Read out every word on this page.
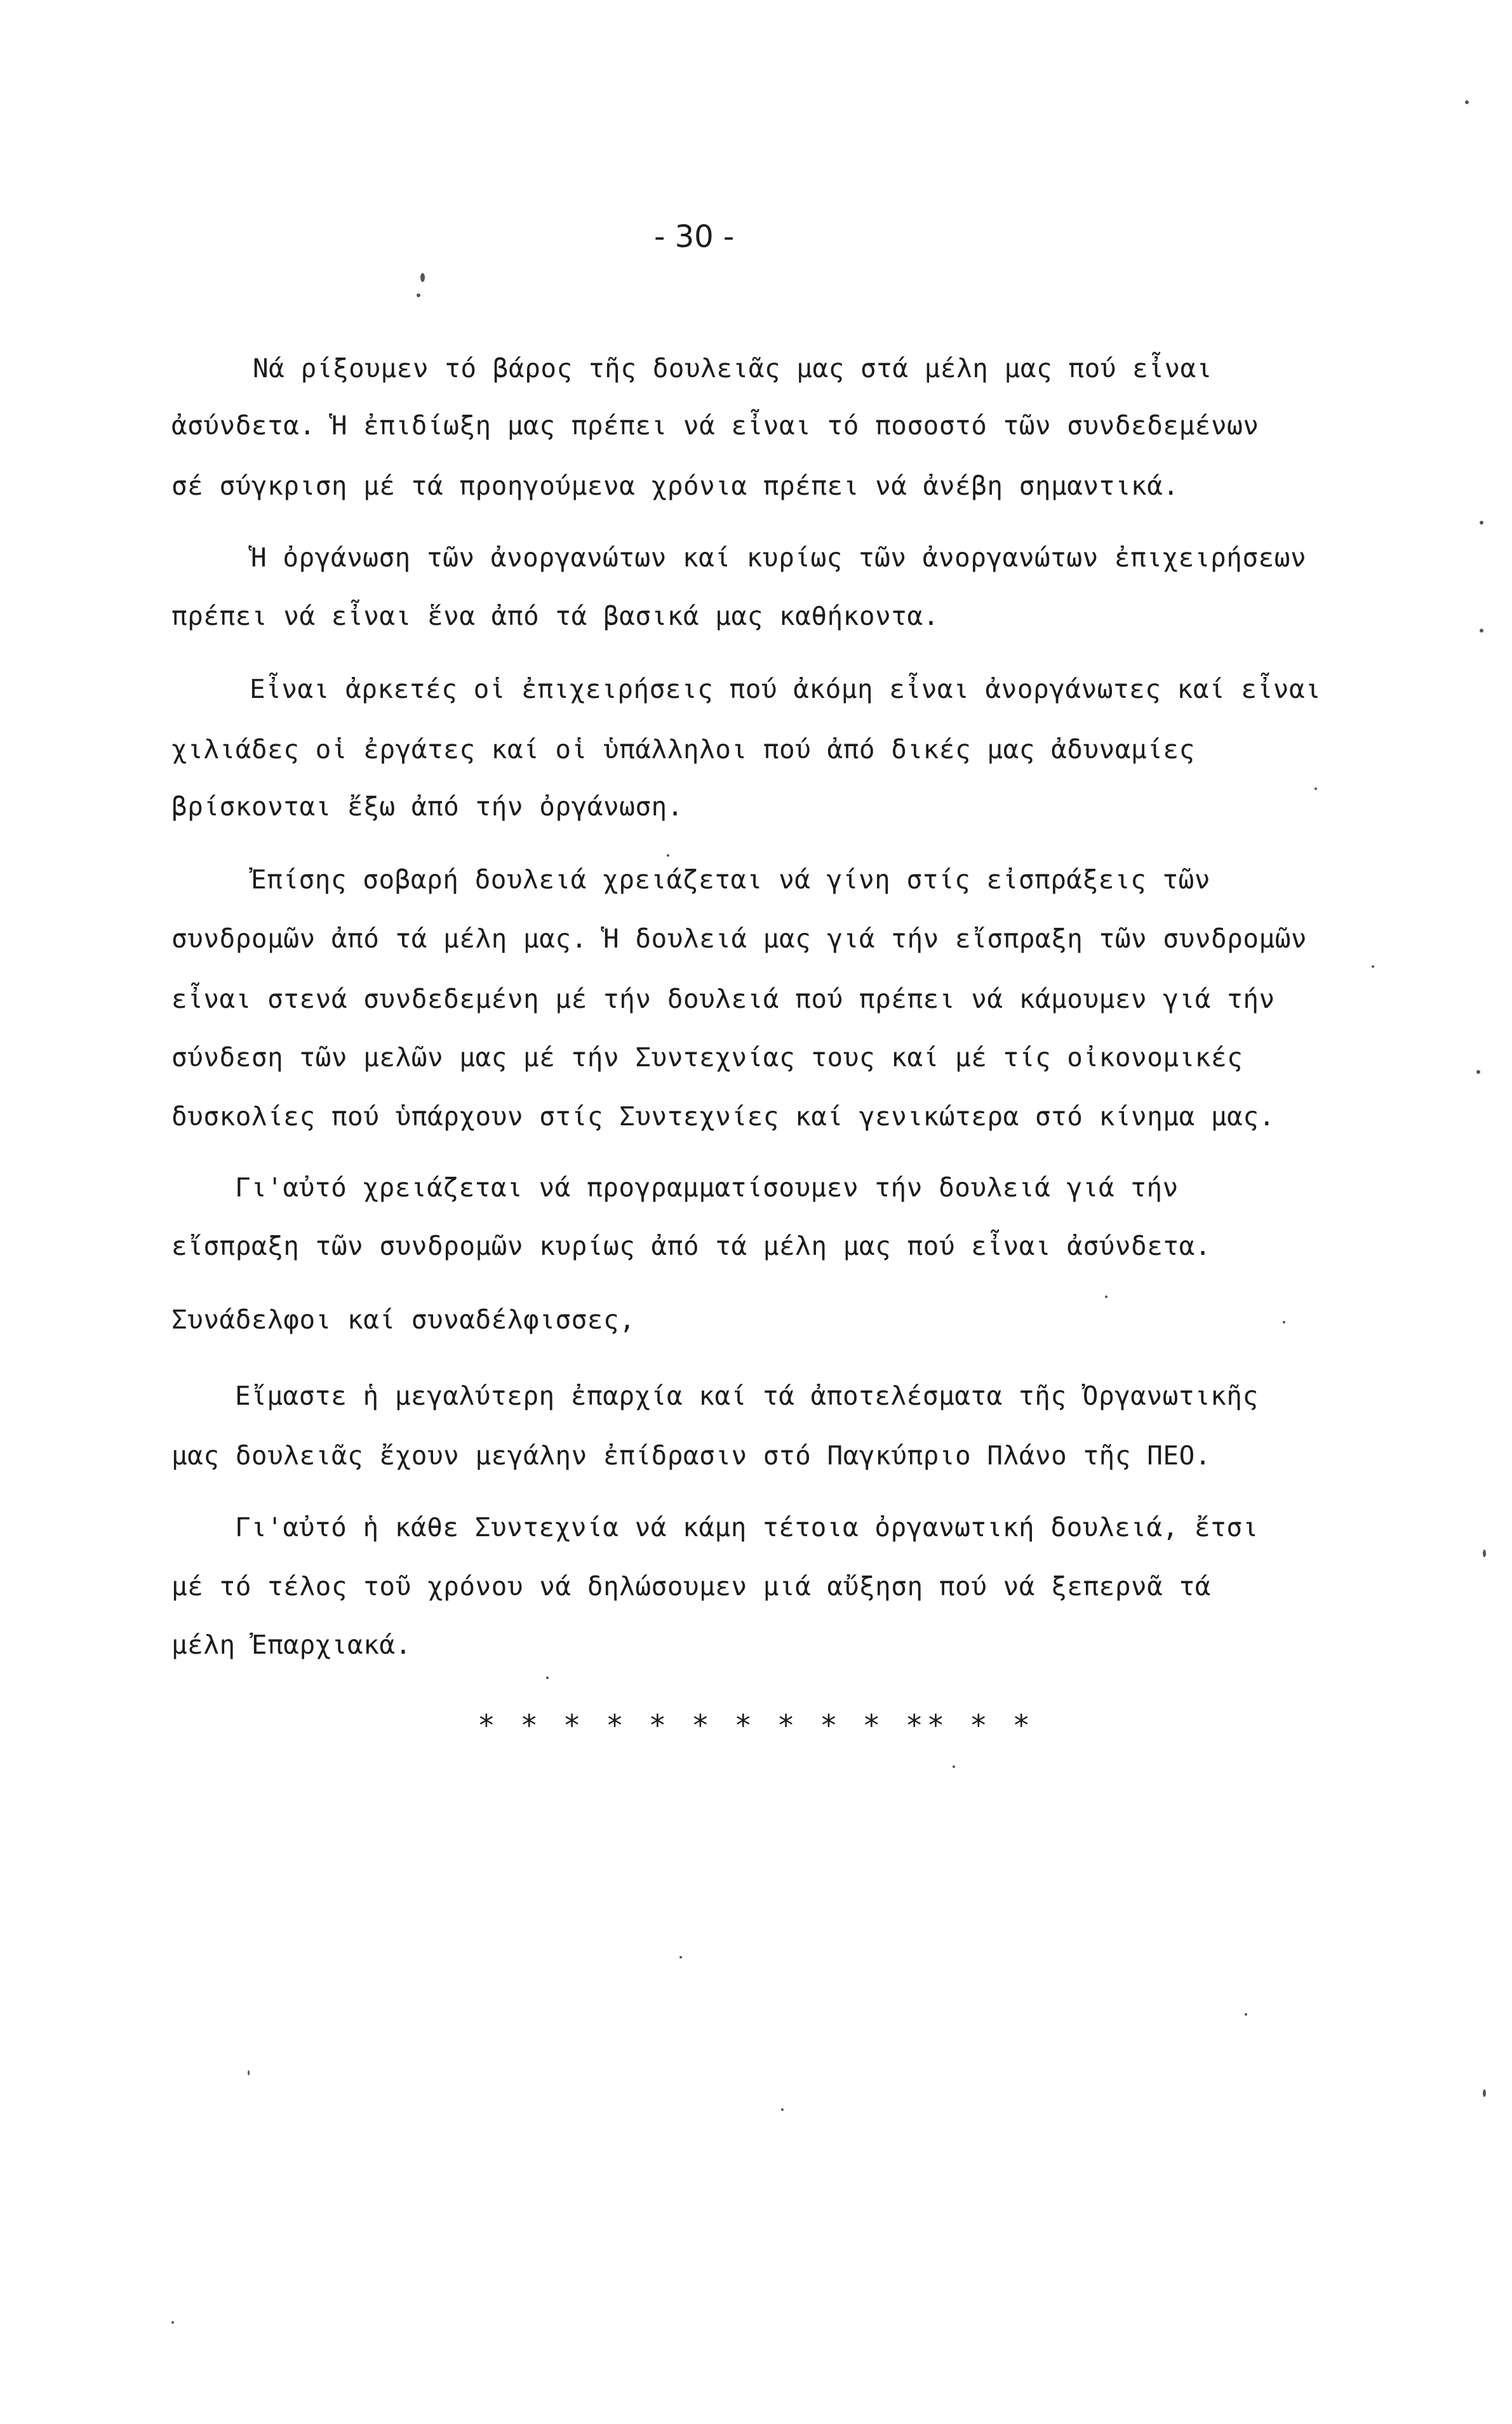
- 30 -
Νά ρίξουμεν τό βάρος τῆς δουλειᾶς μας στά μέλη μας πού εἶναι
ἀσύνδετα. Ἡ ἐπιδίωξη μας πρέπει νά εἶναι τό ποσοστό τῶν συνδεδεμένων
σέ σύγκριση μέ τά προηγούμενα χρόνια πρέπει νά ἀνέβη σημαντικά.
Ἡ ὀργάνωση τῶν ἀνοργανώτων καί κυρίως τῶν ἀνοργανώτων ἐπιχειρήσεων
πρέπει νά εἶναι ἕνα ἀπό τά βασικά μας καθήκοντα.
Εἶναι ἀρκετές οἱ ἐπιχειρήσεις πού ἀκόμη εἶναι ἀνοργάνωτες καί εἶναι
χιλιάδες οἱ ἐργάτες καί οἱ ὑπάλληλοι πού ἀπό δικές μας ἀδυναμίες
βρίσκονται ἔξω ἀπό τήν ὀργάνωση.
Ἐπίσης σοβαρή δουλειά χρειάζεται νά γίνη στίς εἰσπράξεις τῶν
συνδρομῶν ἀπό τά μέλη μας. Ἡ δουλειά μας γιά τήν εἴσπραξη τῶν συνδρομῶν
εἶναι στενά συνδεδεμένη μέ τήν δουλειά πού πρέπει νά κάμουμεν γιά τήν
σύνδεση τῶν μελῶν μας μέ τήν Συντεχνίας τους καί μέ τίς οἰκονομικές
δυσκολίες πού ὑπάρχουν στίς Συντεχνίες καί γενικώτερα στό κίνημα μας.
Γι'αὐτό χρειάζεται νά προγραμματίσουμεν τήν δουλειά γιά τήν
εἴσπραξη τῶν συνδρομῶν κυρίως ἀπό τά μέλη μας πού εἶναι ἀσύνδετα.
Συνάδελφοι καί συναδέλφισσες,
Εἴμαστε ἡ μεγαλύτερη ἐπαρχία καί τά ἀποτελέσματα τῆς Ὀργανωτικῆς
μας δουλειᾶς ἔχουν μεγάλην ἐπίδρασιν στό Παγκύπριο Πλάνο τῆς ΠΕΟ.
Γι'αὐτό ἡ κάθε Συντεχνία νά κάμη τέτοια ὀργανωτική δουλειά, ἔτσι
μέ τό τέλος τοῦ χρόνου νά δηλώσουμεν μιά αὔξηση πού νά ξεπερνᾶ τά
μέλη Ἐπαρχιακά.
* * * * * * * * * * ** * *
